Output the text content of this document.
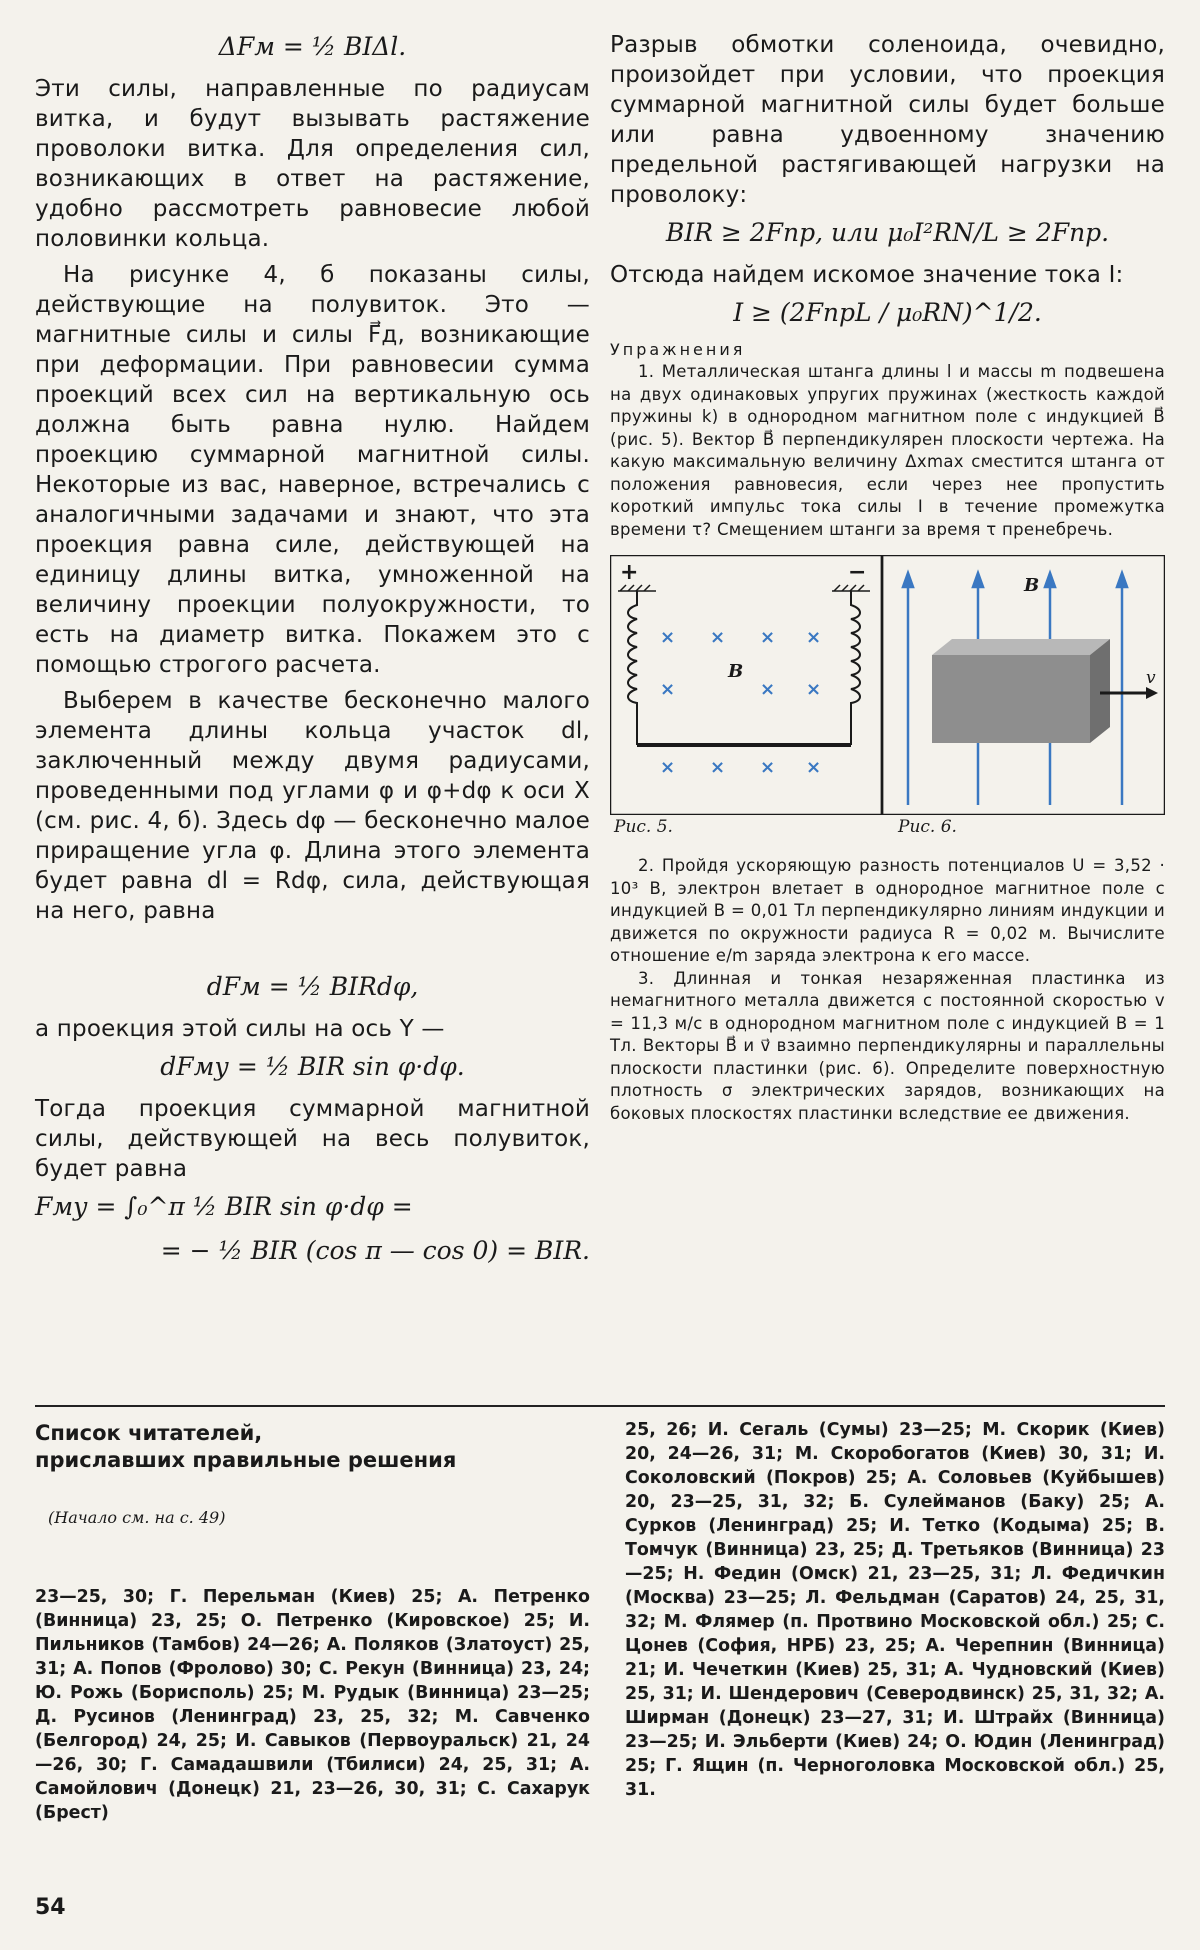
ΔFм = ½ BIΔl.

Эти силы, направленные по радиусам витка, и будут вызывать растяжение проволоки витка. Для определения сил, возникающих в ответ на растяжение, удобно рассмотреть равновесие любой половинки кольца.

На рисунке 4, б показаны силы, действующие на полувиток. Это — магнитные силы и силы F⃗д, возникающие при деформации. При равновесии сумма проекций всех сил на вертикальную ось должна быть равна нулю. Найдем проекцию суммарной магнитной силы. Некоторые из вас, наверное, встречались с аналогичными задачами и знают, что эта проекция равна силе, действующей на единицу длины витка, умноженной на величину проекции полуокружности, то есть на диаметр витка. Покажем это с помощью строгого расчета.

Выберем в качестве бесконечно малого элемента длины кольца участок dl, заключенный между двумя радиусами, проведенными под углами φ и φ+dφ к оси X (см. рис. 4, б). Здесь dφ — бесконечно малое приращение угла φ. Длина этого элемента будет равна dl = Rdφ, сила, действующая на него, равна

dFм = ½ BIRdφ,

а проекция этой силы на ось Y —

dFму = ½ BIR sin φ·dφ.

Тогда проекция суммарной магнитной силы, действующей на весь полувиток, будет равна

Fму = ∫₀^π ½ BIR sin φ·dφ =
= − ½ BIR (cos π — cos 0) = BIR.

Разрыв обмотки соленоида, очевидно, произойдет при условии, что проекция суммарной магнитной силы будет больше или равна удвоенному значению предельной растягивающей нагрузки на проволоку:

BIR ≥ 2Fпр, или μ₀I²RN/L ≥ 2Fпр.

Отсюда найдем искомое значение тока I:

I ≥ (2FпрL / μ₀RN)^1/2.
Упражнения

1. Металлическая штанга длины l и массы m подвешена на двух одинаковых упругих пружинах (жесткость каждой пружины k) в однородном магнитном поле с индукцией B⃗ (рис. 5). Вектор B⃗ перпендикулярен плоскости чертежа. На какую максимальную величину Δxmax сместится штанга от положения равновесия, если через нее пропустить короткий импульс тока силы I в течение промежутка времени τ? Смещением штанги за время τ пренебречь.

+	−
× × × ×
×	× ×
× × × ×
B
B
v
Рис. 5.	Рис. 6.

2. Пройдя ускоряющую разность потенциалов U = 3,52 · 10³ В, электрон влетает в однородное магнитное поле с индукцией B = 0,01 Тл перпендикулярно линиям индукции и движется по окружности радиуса R = 0,02 м. Вычислите отношение e/m заряда электрона к его массе.

3. Длинная и тонкая незаряженная пластинка из немагнитного металла движется с постоянной скоростью v = 11,3 м/с в однородном магнитном поле с индукцией B = 1 Тл. Векторы B⃗ и v⃗ взаимно перпендикулярны и параллельны плоскости пластинки (рис. 6). Определите поверхностную плотность σ электрических зарядов, возникающих на боковых плоскостях пластинки вследствие ее движения.

Список читателей,
приславших правильные решения
(Начало см. на с. 49)

23—25, 30; Г. Перельман (Киев) 25; А. Петренко (Винница) 23, 25; О. Петренко (Кировское) 25; И. Пильников (Тамбов) 24—26; А. Поляков (Златоуст) 25, 31; А. Попов (Фролово) 30; С. Рекун (Винница) 23, 24; Ю. Рожь (Борисполь) 25; М. Рудык (Винница) 23—25; Д. Русинов (Ленинград) 23, 25, 32; М. Савченко (Белгород) 24, 25; И. Савыков (Первоуральск) 21, 24—26, 30; Г. Самадашвили (Тбилиси) 24, 25, 31; А. Самойлович (Донецк) 21, 23—26, 30, 31; С. Сахарук (Брест)

25, 26; И. Сегаль (Сумы) 23—25; М. Скорик (Киев) 20, 24—26, 31; М. Скоробогатов (Киев) 30, 31; И. Соколовский (Покров) 25; А. Соловьев (Куйбышев) 20, 23—25, 31, 32; Б. Сулейманов (Баку) 25; А. Сурков (Ленинград) 25; И. Тетко (Кодыма) 25; В. Томчук (Винница) 23, 25; Д. Третьяков (Винница) 23—25; Н. Федин (Омск) 21, 23—25, 31; Л. Федичкин (Москва) 23—25; Л. Фельдман (Саратов) 24, 25, 31, 32; М. Флямер (п. Протвино Московской обл.) 25; С. Цонев (София, НРБ) 23, 25; А. Черепнин (Винница) 21; И. Чечеткин (Киев) 25, 31; А. Чудновский (Киев) 25, 31; И. Шендерович (Северодвинск) 25, 31, 32; А. Ширман (Донецк) 23—27, 31; И. Штрайх (Винница) 23—25; И. Эльберти (Киев) 24; О. Юдин (Ленинград) 25; Г. Ящин (п. Черноголовка Московской обл.) 25, 31.

54
